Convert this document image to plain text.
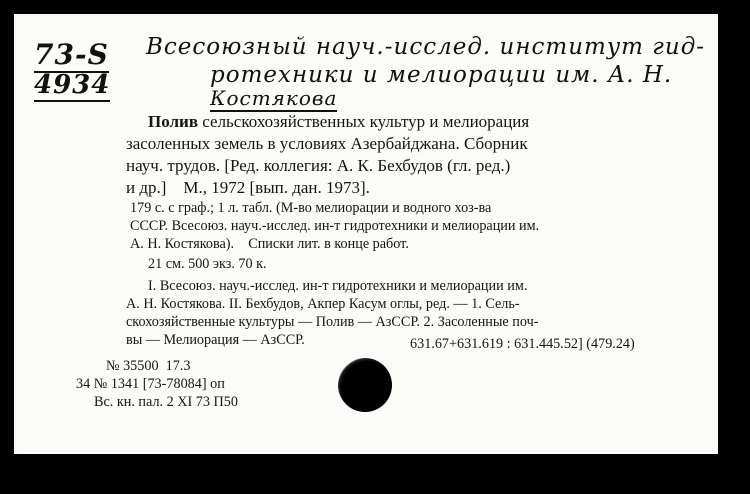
73-S
4934
Всесоюзный науч.-исслед. институт гид-
ротехники и мелиорации им. А. Н.
Костякова
Полив сельскохозяйственных культур и мелиорация
засоленных земель в условиях Азербайджана. Сборник
науч. трудов. [Ред. коллегия: А. К. Бехбудов (гл. ред.)
и др.]    М., 1972 [вып. дан. 1973].
179 с. с граф.; 1 л. табл. (М-во мелиорации и водного хоз-ва
СССР. Всесоюз. науч.-исслед. ин-т гидротехники и мелиорации им.
А. Н. Костякова).    Списки лит. в конце работ.
21 см. 500 экз. 70 к.
I. Всесоюз. науч.-исслед. ин-т гидротехники и мелиорации им.
А. Н. Костякова. II. Бехбудов, Акпер Касум оглы, ред. — 1. Сель-
скохозяйственные культуры — Полив — АзССР. 2. Засоленные поч-
вы — Мелиорация — АзССР.	631.67+631.619 : 631.445.52] (479.24)
№ 35500  17.3
34 № 1341 [73-78084] оп
Вс. кн. пал. 2 XI 73 П50
